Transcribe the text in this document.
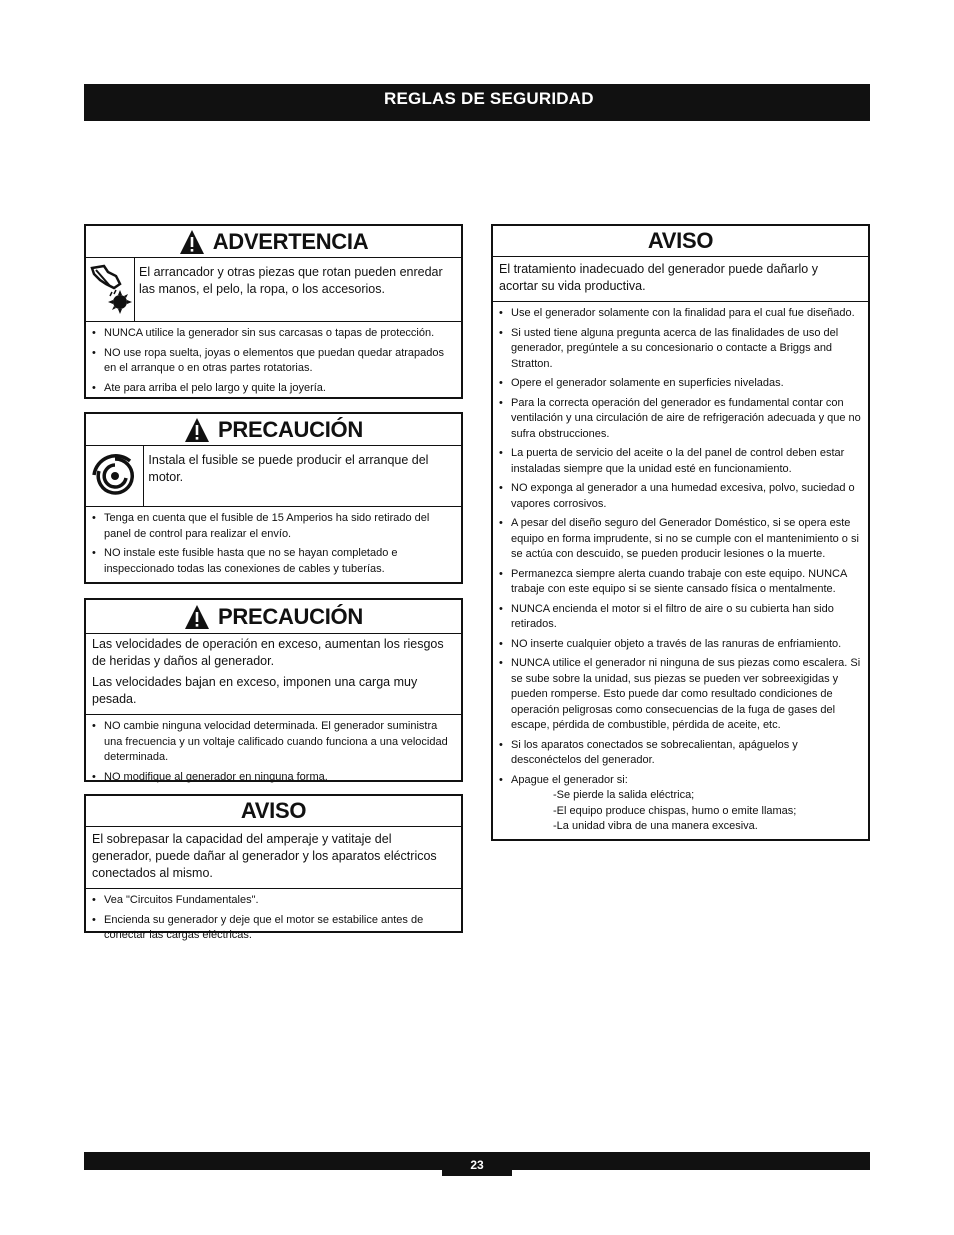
REGLAS DE SEGURIDAD
ADVERTENCIA
El arrancador y otras piezas que rotan pueden enredar las manos, el pelo, la ropa, o los accesorios.
• NUNCA utilice la generador sin sus carcasas o tapas de protección.
• NO use ropa suelta, joyas o elementos que puedan quedar atrapados en el arranque o en otras partes rotatorias.
• Ate para arriba el pelo largo y quite la joyería.
PRECAUCIÓN
Instala el fusible se puede producir el arranque del motor.
• Tenga en cuenta que el fusible de 15 Amperios ha sido retirado del panel de control para realizar el envío.
• NO instale este fusible hasta que no se hayan completado e inspeccionado todas las conexiones de cables y tuberías.
PRECAUCIÓN

Las velocidades de operación en exceso, aumentan los riesgos de heridas y daños al generador.

Las velocidades bajan en exceso, imponen una carga muy pesada.

• NO cambie ninguna velocidad determinada. El generador suministra una frecuencia y un voltaje calificado cuando funciona a una velocidad determinada.
• NO modifique al generador en ninguna forma.
AVISO
El sobrepasar la capacidad del amperaje y vatitaje del generador, puede dañar al generador y los aparatos eléctricos conectados al mismo.
• Vea "Circuitos Fundamentales".
• Encienda su generador y deje que el motor se estabilice antes de conectar las cargas eléctricas.
AVISO
El tratamiento inadecuado del generador puede dañarlo y acortar su vida productiva.
• Use el generador solamente con la finalidad para el cual fue diseñado.
• Si usted tiene alguna pregunta acerca de las finalidades de uso del generador, pregúntele a su concesionario o contacte a Briggs and Stratton.
• Opere el generador solamente en superficies niveladas.
• Para la correcta operación del generador es fundamental contar con ventilación y una circulación de aire de refrigeración adecuada y que no sufra obstrucciones.
• La puerta de servicio del aceite o la del panel de control deben estar instaladas siempre que la unidad esté en funcionamiento.
• NO exponga al generador a una humedad excesiva, polvo, suciedad o vapores corrosivos.
• A pesar del diseño seguro del Generador Doméstico, si se opera este equipo en forma imprudente, si no se cumple con el mantenimiento o si se actúa con descuido, se pueden producir lesiones o la muerte.
• Permanezca siempre alerta cuando trabaje con este equipo. NUNCA trabaje con este equipo si se siente cansado física o mentalmente.
• NUNCA encienda el motor si el filtro de aire o su cubierta han sido retirados.
• NO inserte cualquier objeto a través de las ranuras de enfriamiento.
• NUNCA utilice el generador ni ninguna de sus piezas como escalera. Si se sube sobre la unidad, sus piezas se pueden ver sobreexigidas y pueden romperse. Esto puede dar como resultado condiciones de operación peligrosas como consecuencias de la fuga de gases del escape, pérdida de combustible, pérdida de aceite, etc.
• Si los aparatos conectados se sobrecalientan, apáguelos y desconéctelos del generador.
• Apague el generador si:
-Se pierde la salida eléctrica;
-El equipo produce chispas, humo o emite llamas;
-La unidad vibra de una manera excesiva.
23
